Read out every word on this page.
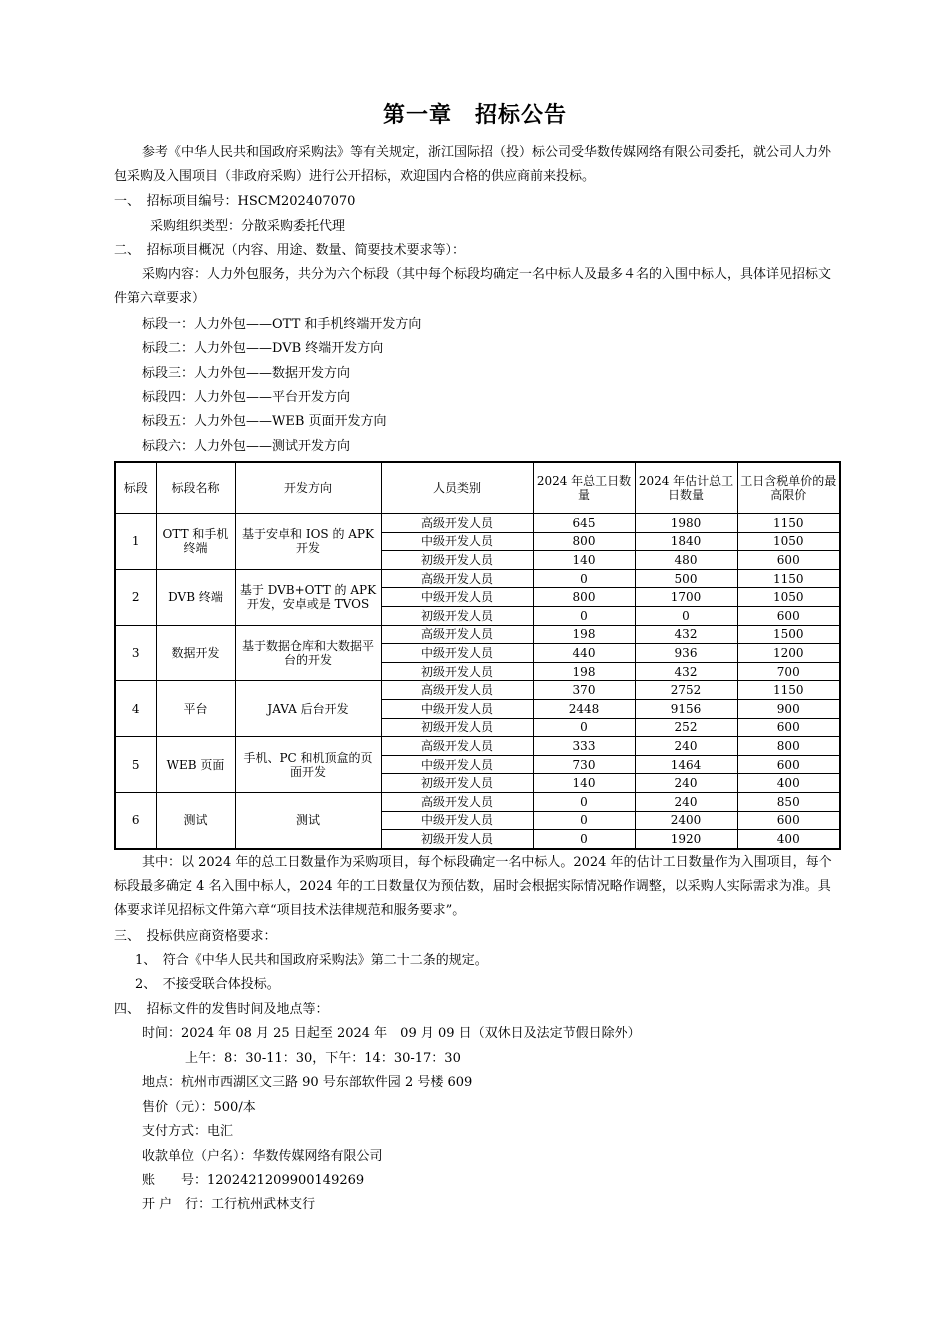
第一章　招标公告
参考《中华人民共和国政府采购法》等有关规定，浙江国际招（投）标公司受华数传媒网络有限公司委托，就公司人力外包采购及入围项目（非政府采购）进行公开招标，欢迎国内合格的供应商前来投标。
一、　招标项目编号：HSCM202407070
采购组织类型：分散采购委托代理
二、　招标项目概况（内容、用途、数量、简要技术要求等）：
采购内容：人力外包服务，共分为六个标段（其中每个标段均确定一名中标人及最多４名的入围中标人，具体详见招标文件第六章要求）
标段一：人力外包——OTT 和手机终端开发方向
标段二：人力外包——DVB 终端开发方向
标段三：人力外包——数据开发方向
标段四：人力外包——平台开发方向
标段五：人力外包——WEB 页面开发方向
标段六：人力外包——测试开发方向
标段	标段名称	开发方向	人员类别	2024 年总工日数量	2024 年估计总工日数量	工日含税单价的最高限价
1	OTT 和手机终端	基于安卓和 IOS 的 APK 开发	高级开发人员	645	1980	1150
			中级开发人员	800	1840	1050
			初级开发人员	140	480	600
2	DVB 终端	基于 DVB+OTT 的 APK 开发，安卓或是 TVOS	高级开发人员	0	500	1150
			中级开发人员	800	1700	1050
			初级开发人员	0	0	600
3	数据开发	基于数据仓库和大数据平台的开发	高级开发人员	198	432	1500
			中级开发人员	440	936	1200
			初级开发人员	198	432	700
4	平台	JAVA 后台开发	高级开发人员	370	2752	1150
			中级开发人员	2448	9156	900
			初级开发人员	0	252	600
5	WEB 页面	手机、PC 和机顶盒的页面开发	高级开发人员	333	240	800
			中级开发人员	730	1464	600
			初级开发人员	140	240	400
6	测试	测试	高级开发人员	0	240	850
			中级开发人员	0	2400	600
			初级开发人员	0	1920	400
其中：以 2024 年的总工日数量作为采购项目，每个标段确定一名中标人。2024 年的估计工日数量作为入围项目，每个标段最多确定 4 名入围中标人，2024 年的工日数量仅为预估数，届时会根据实际情况略作调整，以采购人实际需求为准。具体要求详见招标文件第六章“项目技术法律规范和服务要求”。
三、　投标供应商资格要求：
1、　符合《中华人民共和国政府采购法》第二十二条的规定。
2、　不接受联合体投标。
四、　招标文件的发售时间及地点等：
时间：2024 年 08 月 25 日起至 2024 年　09 月 09 日（双休日及法定节假日除外）
上午：8：30-11：30，下午：14：30-17：30
地点：杭州市西湖区文三路 90 号东部软件园 2 号楼 609
售价（元）：500/本
支付方式：电汇
收款单位（户名）：华数传媒网络有限公司
账　　号：1202421209900149269
开 户　行：工行杭州武林支行
